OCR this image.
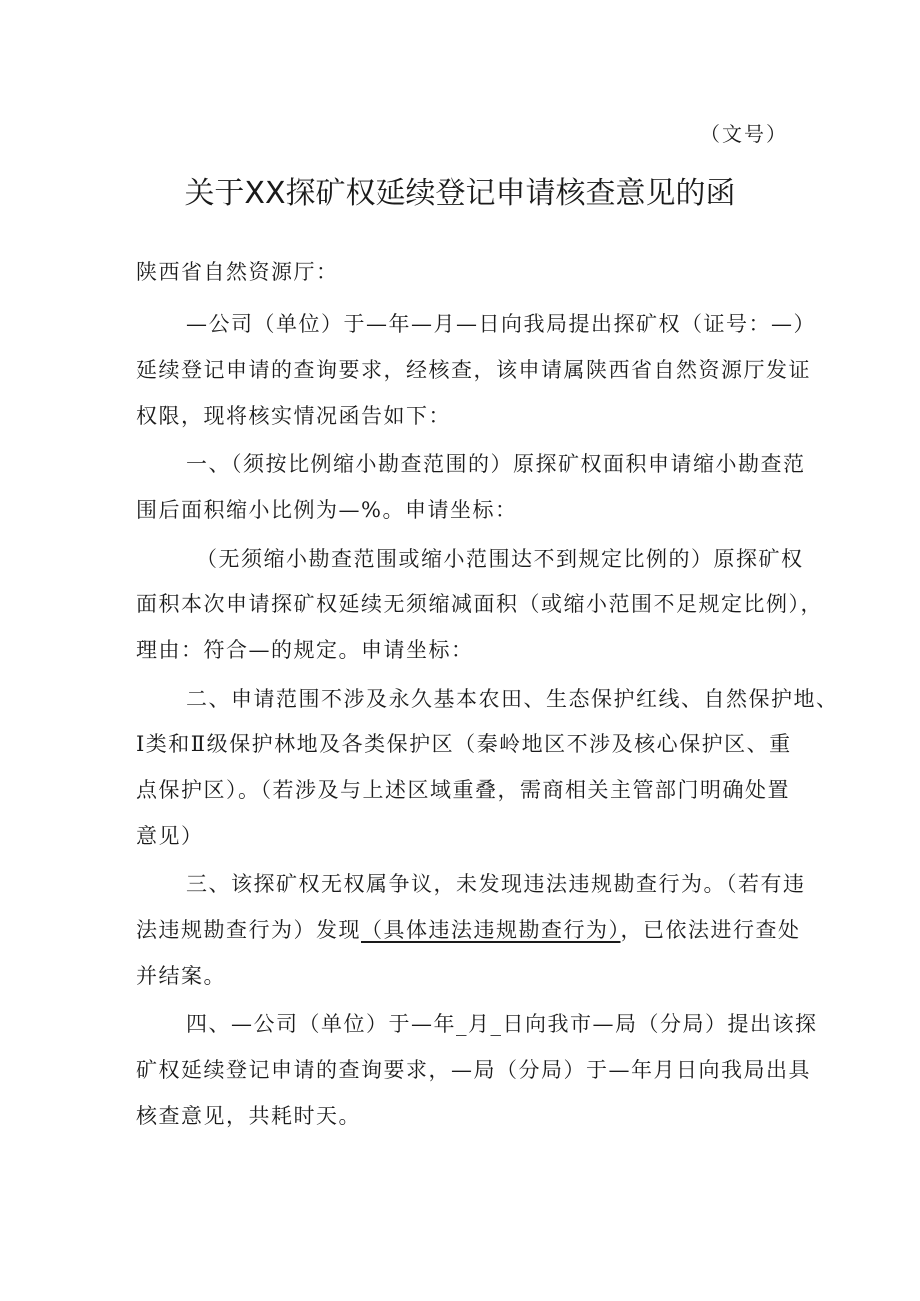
（文号）
关于XX探矿权延续登记申请核查意见的函
陕西省自然资源厅：
—公司（单位）于—年—月—日向我局提出探矿权（证号：—）
延续登记申请的查询要求，经核查，该申请属陕西省自然资源厅发证
权限，现将核实情况函告如下：
一、（须按比例缩小勘查范围的）原探矿权面积申请缩小勘查范
围后面积缩小比例为—%。申请坐标：
（无须缩小勘查范围或缩小范围达不到规定比例的）原探矿权
面积本次申请探矿权延续无须缩减面积（或缩小范围不足规定比例），
理由：符合—的规定。申请坐标：
二、申请范围不涉及永久基本农田、生态保护红线、自然保护地、
Ⅰ类和Ⅱ级保护林地及各类保护区（秦岭地区不涉及核心保护区、重
点保护区）。（若涉及与上述区域重叠，需商相关主管部门明确处置
意见）
三、该探矿权无权属争议，未发现违法违规勘查行为。（若有违
法违规勘查行为）发现（具体违法违规勘查行为），已依法进行查处
并结案。
四、—公司（单位）于—年_月_日向我市—局（分局）提出该探
矿权延续登记申请的查询要求，—局（分局）于—年月日向我局出具
核查意见，共耗时天。
